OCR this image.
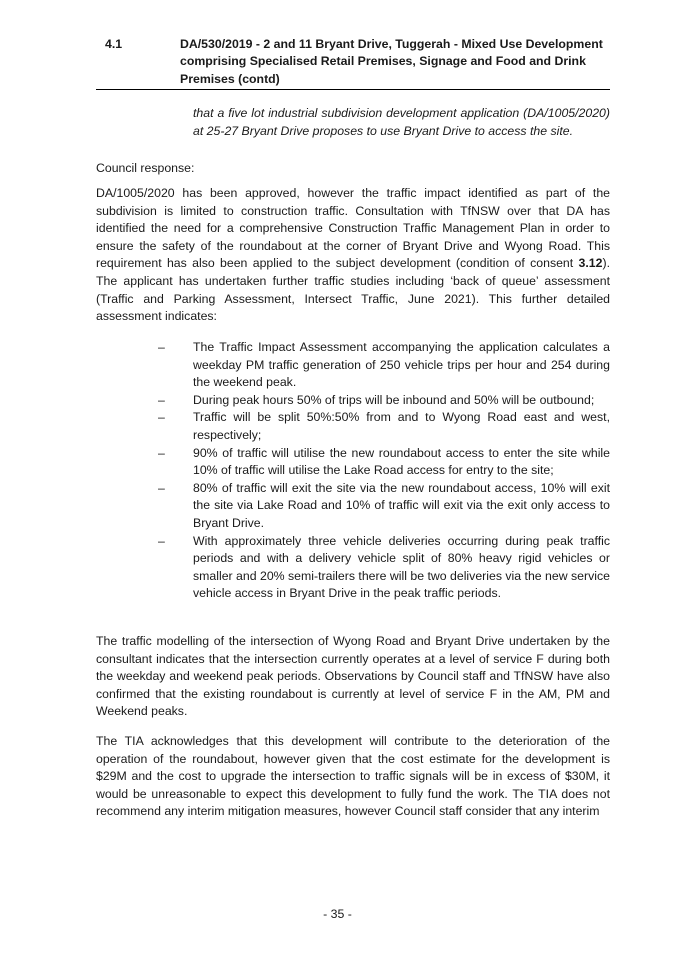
4.1	DA/530/2019 - 2 and 11 Bryant Drive, Tuggerah - Mixed Use Development comprising Specialised Retail Premises, Signage and Food and Drink Premises (contd)
that a five lot industrial subdivision development application (DA/1005/2020) at 25-27 Bryant Drive proposes to use Bryant Drive to access the site.
Council response:
DA/1005/2020 has been approved, however the traffic impact identified as part of the subdivision is limited to construction traffic. Consultation with TfNSW over that DA has identified the need for a comprehensive Construction Traffic Management Plan in order to ensure the safety of the roundabout at the corner of Bryant Drive and Wyong Road. This requirement has also been applied to the subject development (condition of consent 3.12). The applicant has undertaken further traffic studies including ‘back of queue’ assessment (Traffic and Parking Assessment, Intersect Traffic, June 2021). This further detailed assessment indicates:
– The Traffic Impact Assessment accompanying the application calculates a weekday PM traffic generation of 250 vehicle trips per hour and 254 during the weekend peak.
– During peak hours 50% of trips will be inbound and 50% will be outbound;
– Traffic will be split 50%:50% from and to Wyong Road east and west, respectively;
– 90% of traffic will utilise the new roundabout access to enter the site while 10% of traffic will utilise the Lake Road access for entry to the site;
– 80% of traffic will exit the site via the new roundabout access, 10% will exit the site via Lake Road and 10% of traffic will exit via the exit only access to Bryant Drive.
– With approximately three vehicle deliveries occurring during peak traffic periods and with a delivery vehicle split of 80% heavy rigid vehicles or smaller and 20% semi-trailers there will be two deliveries via the new service vehicle access in Bryant Drive in the peak traffic periods.
The traffic modelling of the intersection of Wyong Road and Bryant Drive undertaken by the consultant indicates that the intersection currently operates at a level of service F during both the weekday and weekend peak periods. Observations by Council staff and TfNSW have also confirmed that the existing roundabout is currently at level of service F in the AM, PM and Weekend peaks.
The TIA acknowledges that this development will contribute to the deterioration of the operation of the roundabout, however given that the cost estimate for the development is $29M and the cost to upgrade the intersection to traffic signals will be in excess of $30M, it would be unreasonable to expect this development to fully fund the work. The TIA does not recommend any interim mitigation measures, however Council staff consider that any interim
- 35 -
